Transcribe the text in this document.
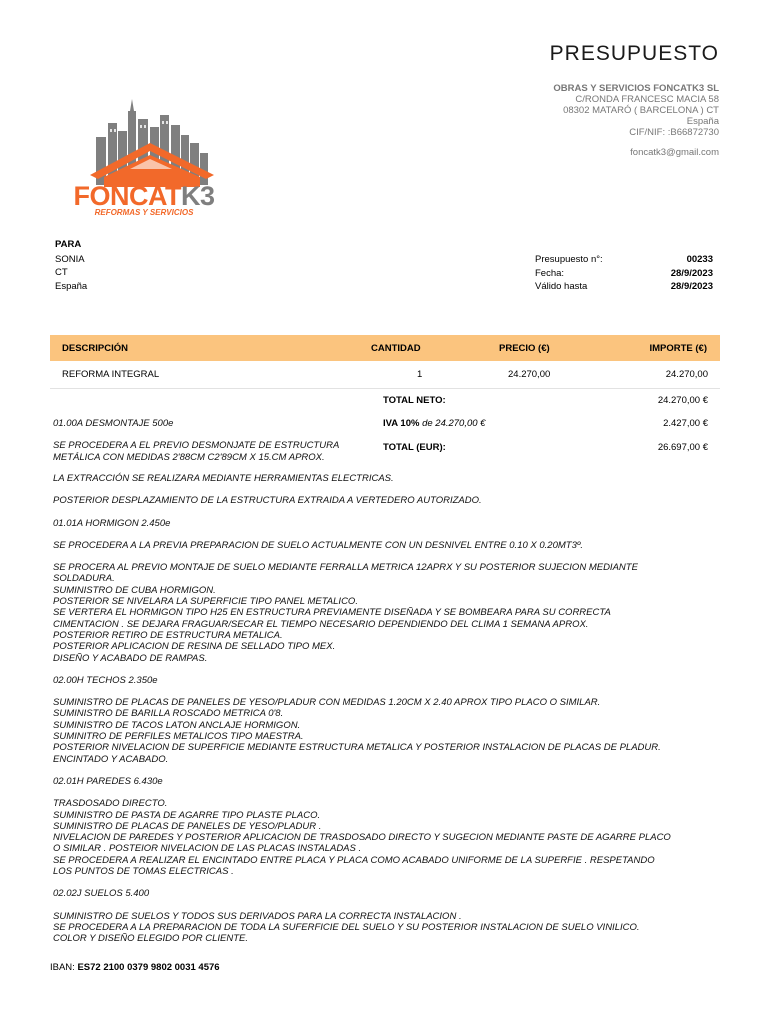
PRESUPUESTO
OBRAS Y SERVICIOS FONCATK3 SL
C/RONDA FRANCESC MACIA 58
08302 MATARÓ ( BARCELONA ) CT
España
CIF/NIF: :B66872730
foncatk3@gmail.com
FONCATK3
REFORMAS Y SERVICIOS
PARA
SONIA
CT
España
Presupuesto n°:	00233
Fecha:	28/9/2023
Válido hasta	28/9/2023
DESCRIPCIÓN	CANTIDAD	PRECIO (€)	IMPORTE (€)
REFORMA INTEGRAL	1	24.270,00	24.270,00
TOTAL NETO:	24.270,00 €
IVA 10% de 24.270,00 €	2.427,00 €
TOTAL (EUR):	26.697,00 €

01.00A DESMONTAJE 500e

SE PROCEDERA A EL PREVIO DESMONJATE DE ESTRUCTURA
METÁLICA CON MEDIDAS 2'88CM C2'89CM X 15.CM APROX.

LA EXTRACCIÓN SE REALIZARA MEDIANTE HERRAMIENTAS ELECTRICAS.

POSTERIOR DESPLAZAMIENTO DE LA ESTRUCTURA EXTRAIDA A VERTEDERO AUTORIZADO.

01.01A HORMIGON 2.450e

SE PROCEDERA A LA PREVIA PREPARACION DE SUELO ACTUALMENTE CON UN DESNIVEL ENTRE 0.10 X 0.20MT3º.

SE PROCERA AL PREVIO MONTAJE DE SUELO MEDIANTE FERRALLA METRICA 12APRX Y SU POSTERIOR SUJECION MEDIANTE
SOLDADURA.
SUMINISTRO DE CUBA HORMIGON.
POSTERIOR SE NIVELARA LA SUPERFICIE TIPO PANEL METALICO.
SE VERTERA EL HORMIGON TIPO H25 EN ESTRUCTURA PREVIAMENTE DISEÑADA Y SE BOMBEARA PARA SU CORRECTA
CIMENTACION . SE DEJARA FRAGUAR/SECAR EL TIEMPO NECESARIO DEPENDIENDO DEL CLIMA 1 SEMANA APROX.
POSTERIOR RETIRO DE ESTRUCTURA METALICA.
POSTERIOR APLICACION DE RESINA DE SELLADO TIPO MEX.
DISEÑO Y ACABADO DE RAMPAS.

02.00H TECHOS 2.350e

SUMINISTRO DE PLACAS DE PANELES DE YESO/PLADUR CON MEDIDAS 1.20CM X 2.40 APROX TIPO PLACO O SIMILAR.
SUMINISTRO DE BARILLA ROSCADO METRICA 0'8.
SUMINISTRO DE TACOS LATON ANCLAJE HORMIGON.
SUMINITRO DE PERFILES METALICOS TIPO MAESTRA.
POSTERIOR NIVELACION DE SUPERFICIE MEDIANTE ESTRUCTURA METALICA Y POSTERIOR INSTALACION DE PLACAS DE PLADUR.
ENCINTADO Y ACABADO.

02.01H PAREDES 6.430e

TRASDOSADO DIRECTO.
SUMINISTRO DE PASTA DE AGARRE TIPO PLASTE PLACO.
SUMINISTRO DE PLACAS DE PANELES DE YESO/PLADUR .
NIVELACION DE PAREDES Y POSTERIOR APLICACION DE TRASDOSADO DIRECTO Y SUGECION MEDIANTE PASTE DE AGARRE PLACO
O SIMILAR . POSTEIOR NIVELACION DE LAS PLACAS INSTALADAS .
SE PROCEDERA A REALIZAR EL ENCINTADO ENTRE PLACA Y PLACA COMO ACABADO UNIFORME DE LA SUPERFIE . RESPETANDO
LOS PUNTOS DE TOMAS ELECTRICAS .

02.02J SUELOS 5.400

SUMINISTRO DE SUELOS Y TODOS SUS DERIVADOS PARA LA CORRECTA INSTALACION .
SE PROCEDERA A LA PREPARACION DE TODA LA SUFERFICIE DEL SUELO Y SU POSTERIOR INSTALACION DE SUELO VINILICO.
COLOR Y DISEÑO ELEGIDO POR CLIENTE.

IBAN: ES72 2100 0379 9802 0031 4576
